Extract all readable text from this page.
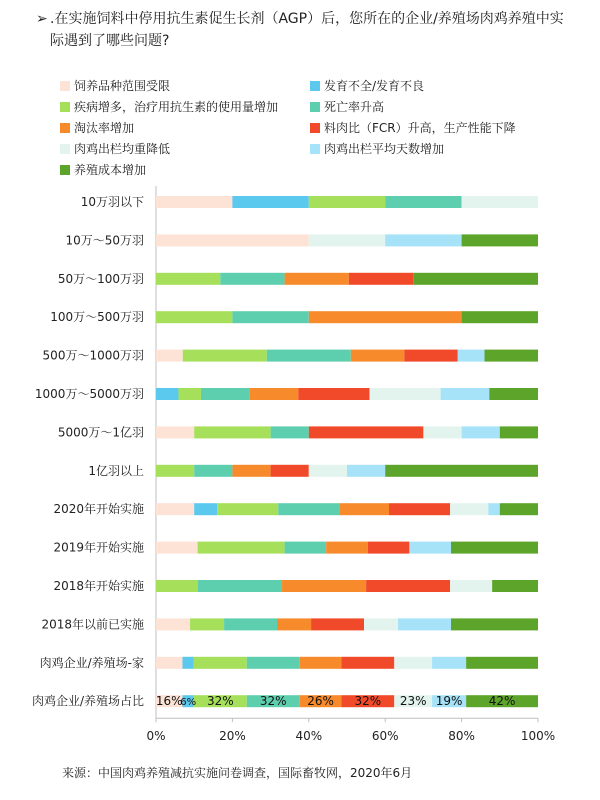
➢ .在实施饲料中停用抗生素促生长剂（AGP）后，您所在的企业/养殖场肉鸡养殖中实际遇到了哪些问题?
饲养品种范围受限	发育不全/发育不良
疾病增多，治疗用抗生素的使用量增加	死亡率升高
淘汰率增加	料肉比（FCR）升高，生产性能下降
肉鸡出栏均重降低	肉鸡出栏平均天数增加
养殖成本增加
10万羽以下
10万～50万羽
50万～100万羽
100万～500万羽
500万～1000万羽
1000万～5000万羽
5000万～1亿羽
1亿羽以上
2020年开始实施
2019年开始实施
2018年开始实施
2018年以前已实施
肉鸡企业/养殖场-家
肉鸡企业/养殖场占比 16%
6% 32% 32% 26% 32% 23% 19% 42%
0%	20%	40%	60%	80%	100%
来源：中国肉鸡养殖减抗实施问卷调查，国际畜牧网，2020年6月
